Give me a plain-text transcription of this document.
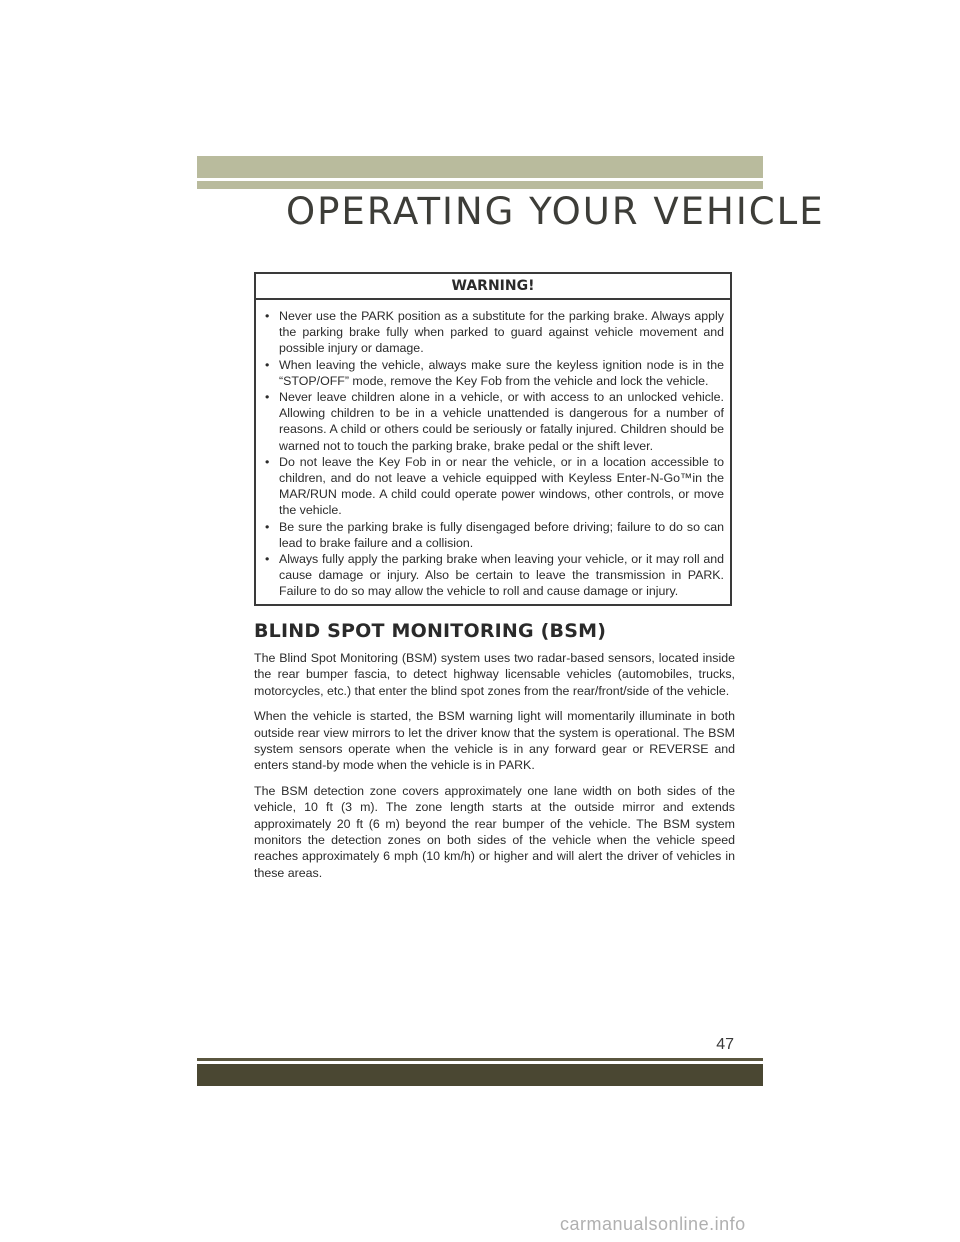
OPERATING YOUR VEHICLE
WARNING!
• Never use the PARK position as a substitute for the parking brake. Always apply the parking brake fully when parked to guard against vehicle movement and possible injury or damage.
• When leaving the vehicle, always make sure the keyless ignition node is in the “STOP/OFF” mode, remove the Key Fob from the vehicle and lock the vehicle.
• Never leave children alone in a vehicle, or with access to an unlocked vehicle. Allowing children to be in a vehicle unattended is dangerous for a number of reasons. A child or others could be seriously or fatally injured. Children should be warned not to touch the parking brake, brake pedal or the shift lever.
• Do not leave the Key Fob in or near the vehicle, or in a location accessible to children, and do not leave a vehicle equipped with Keyless Enter-N-Go™in the MAR/RUN mode. A child could operate power windows, other controls, or move the vehicle.
• Be sure the parking brake is fully disengaged before driving; failure to do so can lead to brake failure and a collision.
• Always fully apply the parking brake when leaving your vehicle, or it may roll and cause damage or injury. Also be certain to leave the transmission in PARK. Failure to do so may allow the vehicle to roll and cause damage or injury.
BLIND SPOT MONITORING (BSM)

The Blind Spot Monitoring (BSM) system uses two radar-based sensors, located inside the rear bumper fascia, to detect highway licensable vehicles (automobiles, trucks, motorcycles, etc.) that enter the blind spot zones from the rear/front/side of the vehicle.

When the vehicle is started, the BSM warning light will momentarily illuminate in both outside rear view mirrors to let the driver know that the system is operational. The BSM system sensors operate when the vehicle is in any forward gear or REVERSE and enters stand-by mode when the vehicle is in PARK.

The BSM detection zone covers approximately one lane width on both sides of the vehicle, 10 ft (3 m). The zone length starts at the outside mirror and extends approximately 20 ft (6 m) beyond the rear bumper of the vehicle. The BSM system monitors the detection zones on both sides of the vehicle when the vehicle speed reaches approximately 6 mph (10 km/h) or higher and will alert the driver of vehicles in these areas.

47
carmanualsonline.info
